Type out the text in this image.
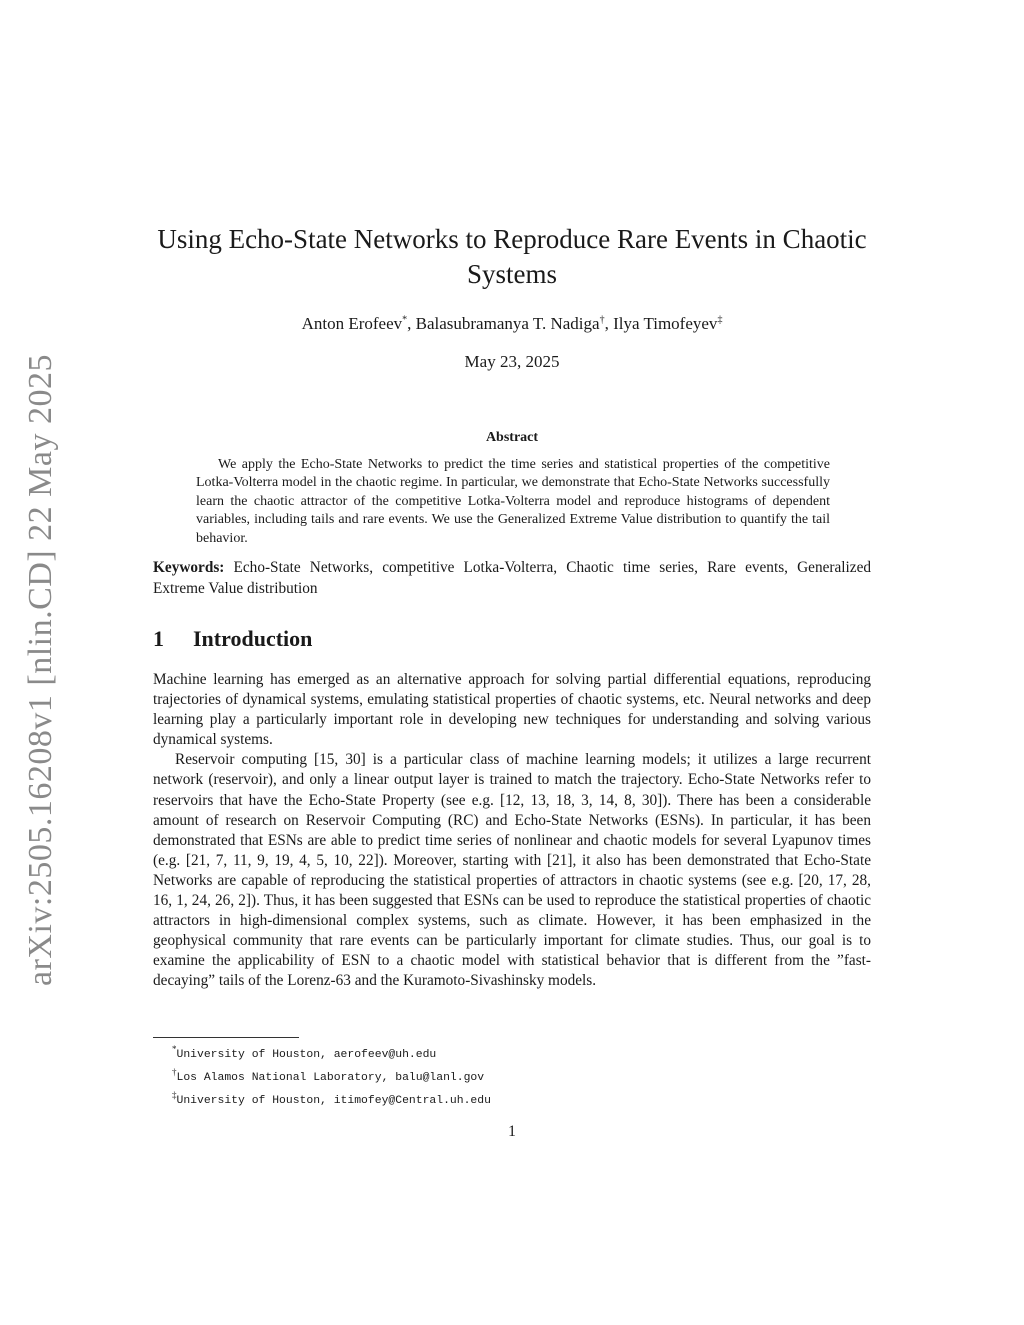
arXiv:2505.16208v1 [nlin.CD] 22 May 2025
Using Echo-State Networks to Reproduce Rare Events in Chaotic Systems
Anton Erofeev*, Balasubramanya T. Nadiga†, Ilya Timofeyev‡
May 23, 2025
Abstract

We apply the Echo-State Networks to predict the time series and statistical properties of the competitive Lotka-Volterra model in the chaotic regime. In particular, we demonstrate that Echo-State Networks successfully learn the chaotic attractor of the competitive Lotka-Volterra model and reproduce histograms of dependent variables, including tails and rare events. We use the Generalized Extreme Value distribution to quantify the tail behavior.

Keywords: Echo-State Networks, competitive Lotka-Volterra, Chaotic time series, Rare events, Generalized Extreme Value distribution

1 Introduction

Machine learning has emerged as an alternative approach for solving partial differential equations, reproducing trajectories of dynamical systems, emulating statistical properties of chaotic systems, etc. Neural networks and deep learning play a particularly important role in developing new techniques for understanding and solving various dynamical systems.

Reservoir computing [15, 30] is a particular class of machine learning models; it utilizes a large recurrent network (reservoir), and only a linear output layer is trained to match the trajectory. Echo-State Networks refer to reservoirs that have the Echo-State Property (see e.g. [12, 13, 18, 3, 14, 8, 30]). There has been a considerable amount of research on Reservoir Computing (RC) and Echo-State Networks (ESNs). In particular, it has been demonstrated that ESNs are able to predict time series of nonlinear and chaotic models for several Lyapunov times (e.g. [21, 7, 11, 9, 19, 4, 5, 10, 22]). Moreover, starting with [21], it also has been demonstrated that Echo-State Networks are capable of reproducing the statistical properties of attractors in chaotic systems (see e.g. [20, 17, 28, 16, 1, 24, 26, 2]). Thus, it has been suggested that ESNs can be used to reproduce the statistical properties of chaotic attractors in high-dimensional complex systems, such as climate. However, it has been emphasized in the geophysical community that rare events can be particularly important for climate studies. Thus, our goal is to examine the applicability of ESN to a chaotic model with statistical behavior that is different from the ”fast-decaying” tails of the Lorenz-63 and the Kuramoto-Sivashinsky models.

*University of Houston, aerofeev@uh.edu
†Los Alamos National Laboratory, balu@lanl.gov
‡University of Houston, itimofey@Central.uh.edu
1
